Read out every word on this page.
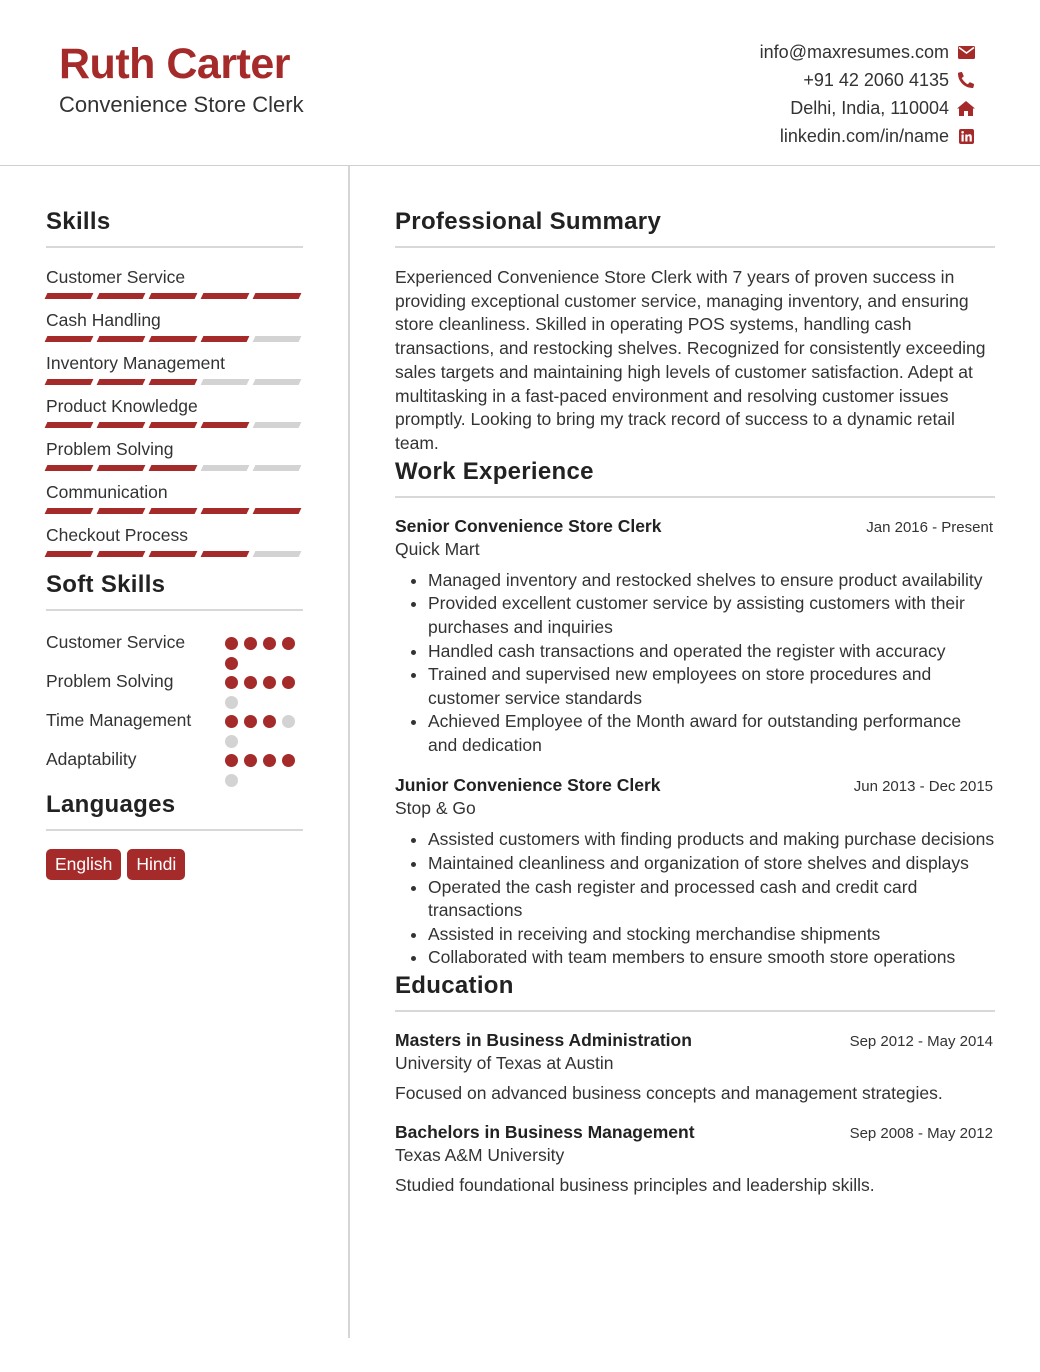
Ruth Carter
Convenience Store Clerk
info@maxresumes.com
+91 42 2060 4135
Delhi, India, 110004
linkedin.com/in/name
Skills
Customer Service
Cash Handling
Inventory Management
Product Knowledge
Problem Solving
Communication
Checkout Process
Soft Skills
Customer Service
Problem Solving
Time Management
Adaptability
Languages
English	Hindi
Professional Summary
Experienced Convenience Store Clerk with 7 years of proven success in providing exceptional customer service, managing inventory, and ensuring store cleanliness. Skilled in operating POS systems, handling cash transactions, and restocking shelves. Recognized for consistently exceeding sales targets and maintaining high levels of customer satisfaction. Adept at multitasking in a fast-paced environment and resolving customer issues promptly. Looking to bring my track record of success to a dynamic retail team.
Work Experience
Senior Convenience Store Clerk	Jan 2016 - Present
Quick Mart
• Managed inventory and restocked shelves to ensure product availability
• Provided excellent customer service by assisting customers with their purchases and inquiries
• Handled cash transactions and operated the register with accuracy
• Trained and supervised new employees on store procedures and customer service standards
• Achieved Employee of the Month award for outstanding performance and dedication
Junior Convenience Store Clerk	Jun 2013 - Dec 2015
Stop & Go
• Assisted customers with finding products and making purchase decisions
• Maintained cleanliness and organization of store shelves and displays
• Operated the cash register and processed cash and credit card transactions
• Assisted in receiving and stocking merchandise shipments
• Collaborated with team members to ensure smooth store operations
Education
Masters in Business Administration	Sep 2012 - May 2014
University of Texas at Austin
Focused on advanced business concepts and management strategies.
Bachelors in Business Management	Sep 2008 - May 2012
Texas A&M University
Studied foundational business principles and leadership skills.
